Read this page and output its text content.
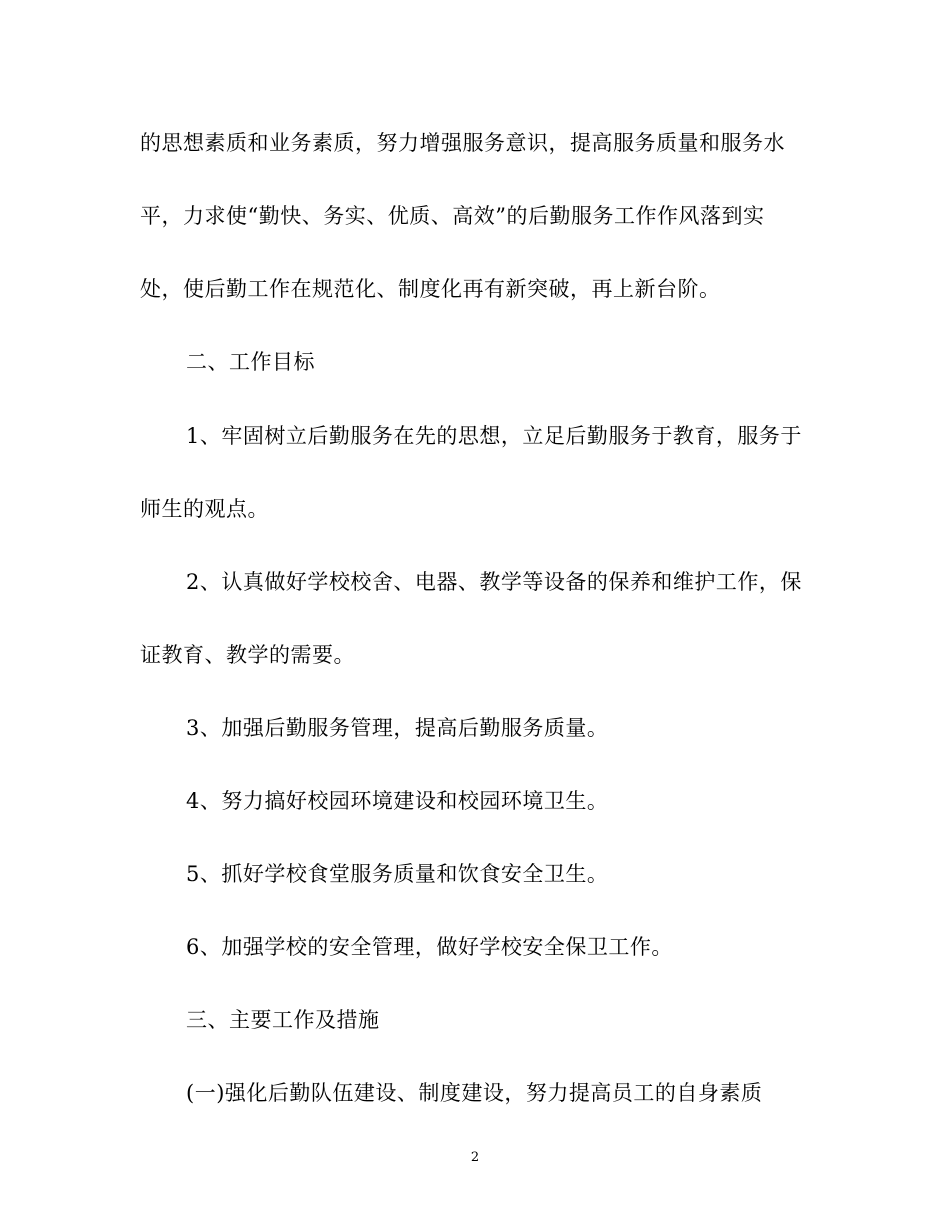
的思想素质和业务素质，努力增强服务意识，提高服务质量和服务水
平，力求使“勤快、务实、优质、高效”的后勤服务工作作风落到实
处，使后勤工作在规范化、制度化再有新突破，再上新台阶。
二、工作目标
1、牢固树立后勤服务在先的思想，立足后勤服务于教育，服务于
师生的观点。
2、认真做好学校校舍、电器、教学等设备的保养和维护工作，保
证教育、教学的需要。
3、加强后勤服务管理，提高后勤服务质量。
4、努力搞好校园环境建设和校园环境卫生。
5、抓好学校食堂服务质量和饮食安全卫生。
6、加强学校的安全管理，做好学校安全保卫工作。
三、主要工作及措施
(一)强化后勤队伍建设、制度建设，努力提高员工的自身素质
2
